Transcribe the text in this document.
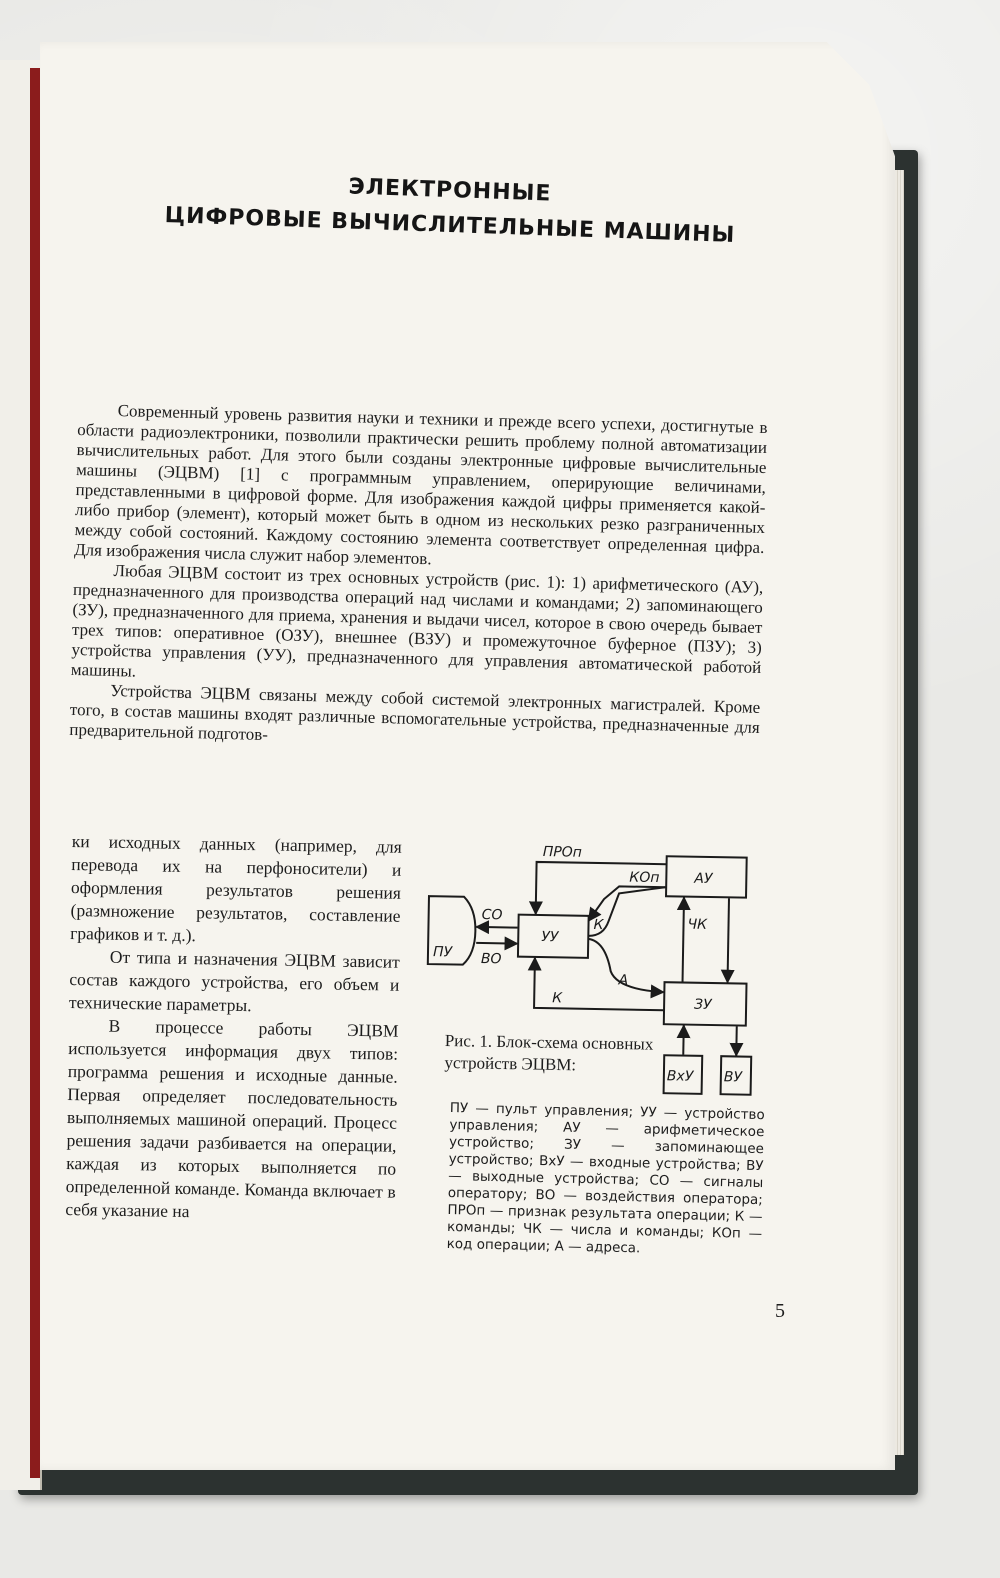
ЭЛЕКТРОННЫЕ
ЦИФРОВЫЕ ВЫЧИСЛИТЕЛЬНЫЕ МАШИНЫ

Современный уровень развития науки и техники и прежде всего успехи, достигнутые в области радиоэлектроники, позволили практически решить проблему полной автоматизации вычислительных работ. Для этого были созданы электронные цифровые вычислительные машины (ЭЦВМ) [1] с программным управлением, оперирующие величинами, представленными в цифровой форме. Для изображения каждой цифры применяется какой-либо прибор (элемент), который может быть в одном из нескольких резко разграниченных между собой состояний. Каждому состоянию элемента соответствует определенная цифра. Для изображения числа служит набор элементов.

Любая ЭЦВМ состоит из трех основных устройств (рис. 1): 1) арифметического (АУ), предназначенного для производства операций над числами и командами; 2) запоминающего (ЗУ), предназначенного для приема, хранения и выдачи чисел, которое в свою очередь бывает трех типов: оперативное (ОЗУ), внешнее (ВЗУ) и промежуточное буферное (ПЗУ); 3) устройства управления (УУ), предназначенного для управления автоматической работой машины.

Устройства ЭЦВМ связаны между собой системой электронных магистралей. Кроме того, в состав машины входят различные вспомогательные устройства, предназначенные для предварительной подготов-

ки исходных данных (например, для перевода их на перфоносители) и оформления результатов решения (размножение результатов, составление графиков и т. д.).

От типа и назначения ЭЦВМ зависит состав каждого устройства, его объем и технические параметры.

В процессе работы ЭЦВМ используется информация двух типов: программа решения и исходные данные. Первая определяет последовательность выполняемых машиной операций. Процесс решения задачи разбивается на операции, каждая из которых выполняется по определенной команде. Команда включает в себя указание на

АУ
УУ
ЗУ
ПУ
ВхУ ВУ
ПРОп
КОп
К	ЧК
СО
ВО
А
К
Рис. 1. Блок-схема основных устройств ЭЦВМ:
ПУ — пульт управления; УУ — устройство управления; АУ — арифметическое устройство; ЗУ — запоминающее устройство; ВхУ — входные устройства; ВУ — выходные устройства; СО — сигналы оператору; ВО — воздействия оператора; ПРОп — признак результата операции; К — команды; ЧК — числа и команды; КОп — код операции; А — адреса.
5
